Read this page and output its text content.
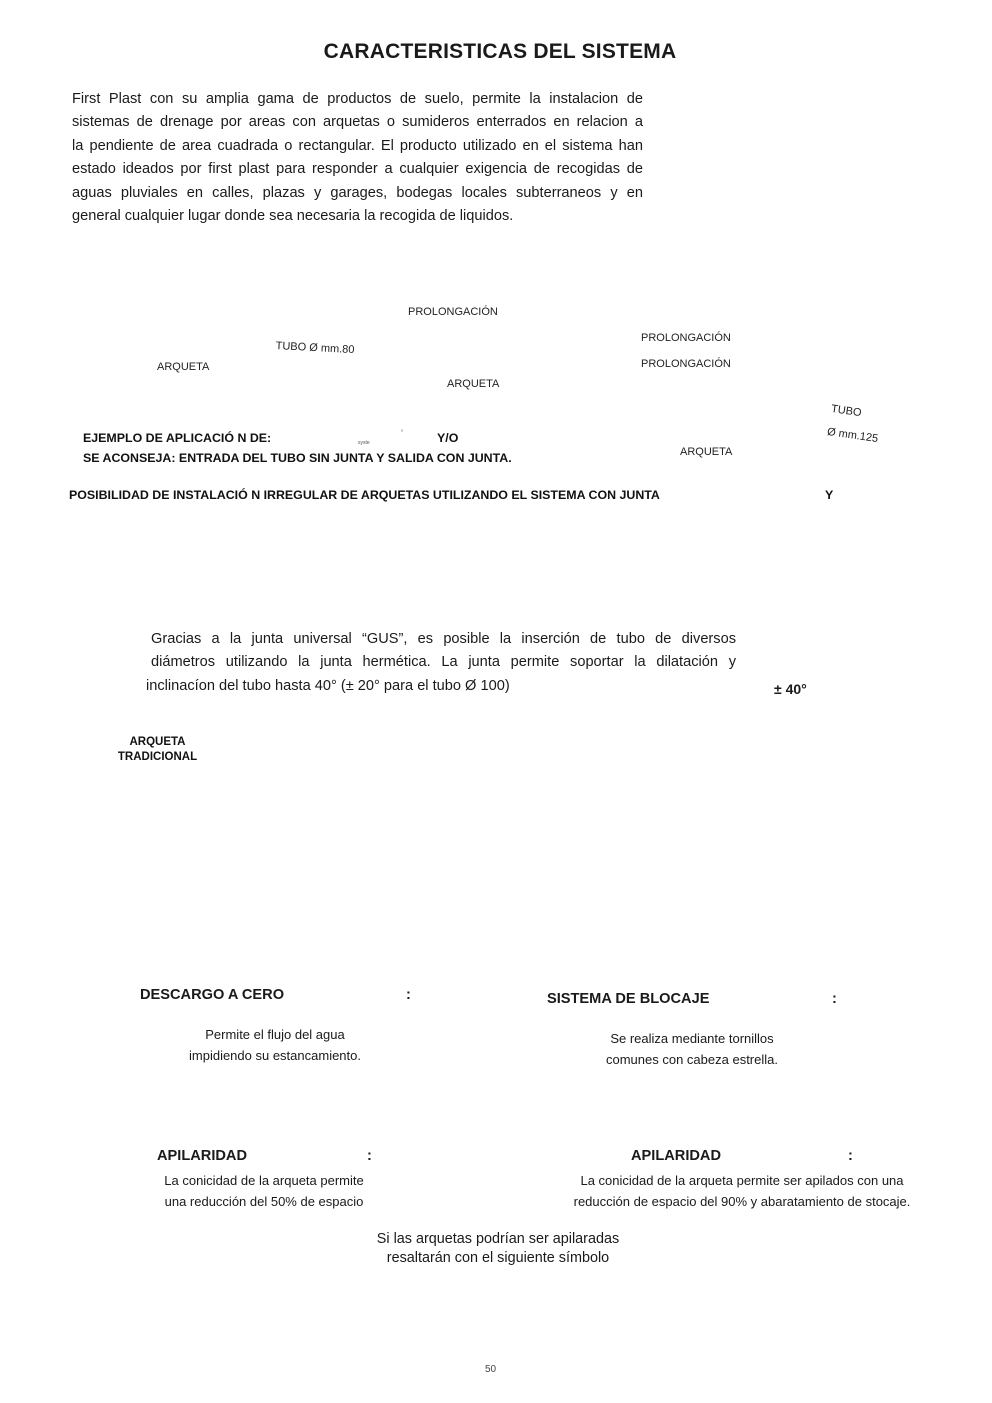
CARACTERISTICAS DEL SISTEMA
First Plast con su amplia gama de productos de suelo, permite la instalacion de
sistemas de drenage por areas con arquetas o sumideros enterrados en relacion a
la pendiente de area cuadrada o rectangular. El producto utilizado en el sistema han
estado ideados por first plast para responder a cualquier exigencia de recogidas de
aguas pluviales en calles, plazas y garages, bodegas locales subterraneos y en
general cualquier lugar donde sea necesaria la recogida de liquidos.
PROLONGACIÓN
PROLONGACIÓN
PROLONGACIÓN
TUBO Ø mm.80
ARQUETA
ARQUETA
TUBO
Ø mm.125
ARQUETA
EJEMPLO DE APLICACIÓ N DE:	syste
°	Y/O
SE ACONSEJA: ENTRADA DEL TUBO SIN JUNTA Y SALIDA CON JUNTA.
POSIBILIDAD DE INSTALACIÓ N IRREGULAR DE ARQUETAS UTILIZANDO EL SISTEMA CON JUNTA	Y
Gracias a la junta universal “GUS”, es posible la inserción de tubo de diversos
diámetros utilizando la junta hermética. La junta permite soportar la dilatación y
inclinacíon del tubo hasta 40° (± 20° para el tubo Ø 100)	± 40°
ARQUETA
TRADICIONAL
DESCARGO A CERO	:
Permite el flujo del agua
impidiendo su estancamiento.
SISTEMA DE BLOCAJE	:
Se realiza mediante tornillos
comunes con cabeza estrella.
APILARIDAD	:
La conicidad de la arqueta permite
una reducción del 50% de espacio
APILARIDAD	:
La conicidad de la arqueta permite ser apilados con una
reducción de espacio del 90% y abaratamiento de stocaje.
Si las arquetas podrían ser apilaradas
resaltarán con el siguiente símbolo
50
